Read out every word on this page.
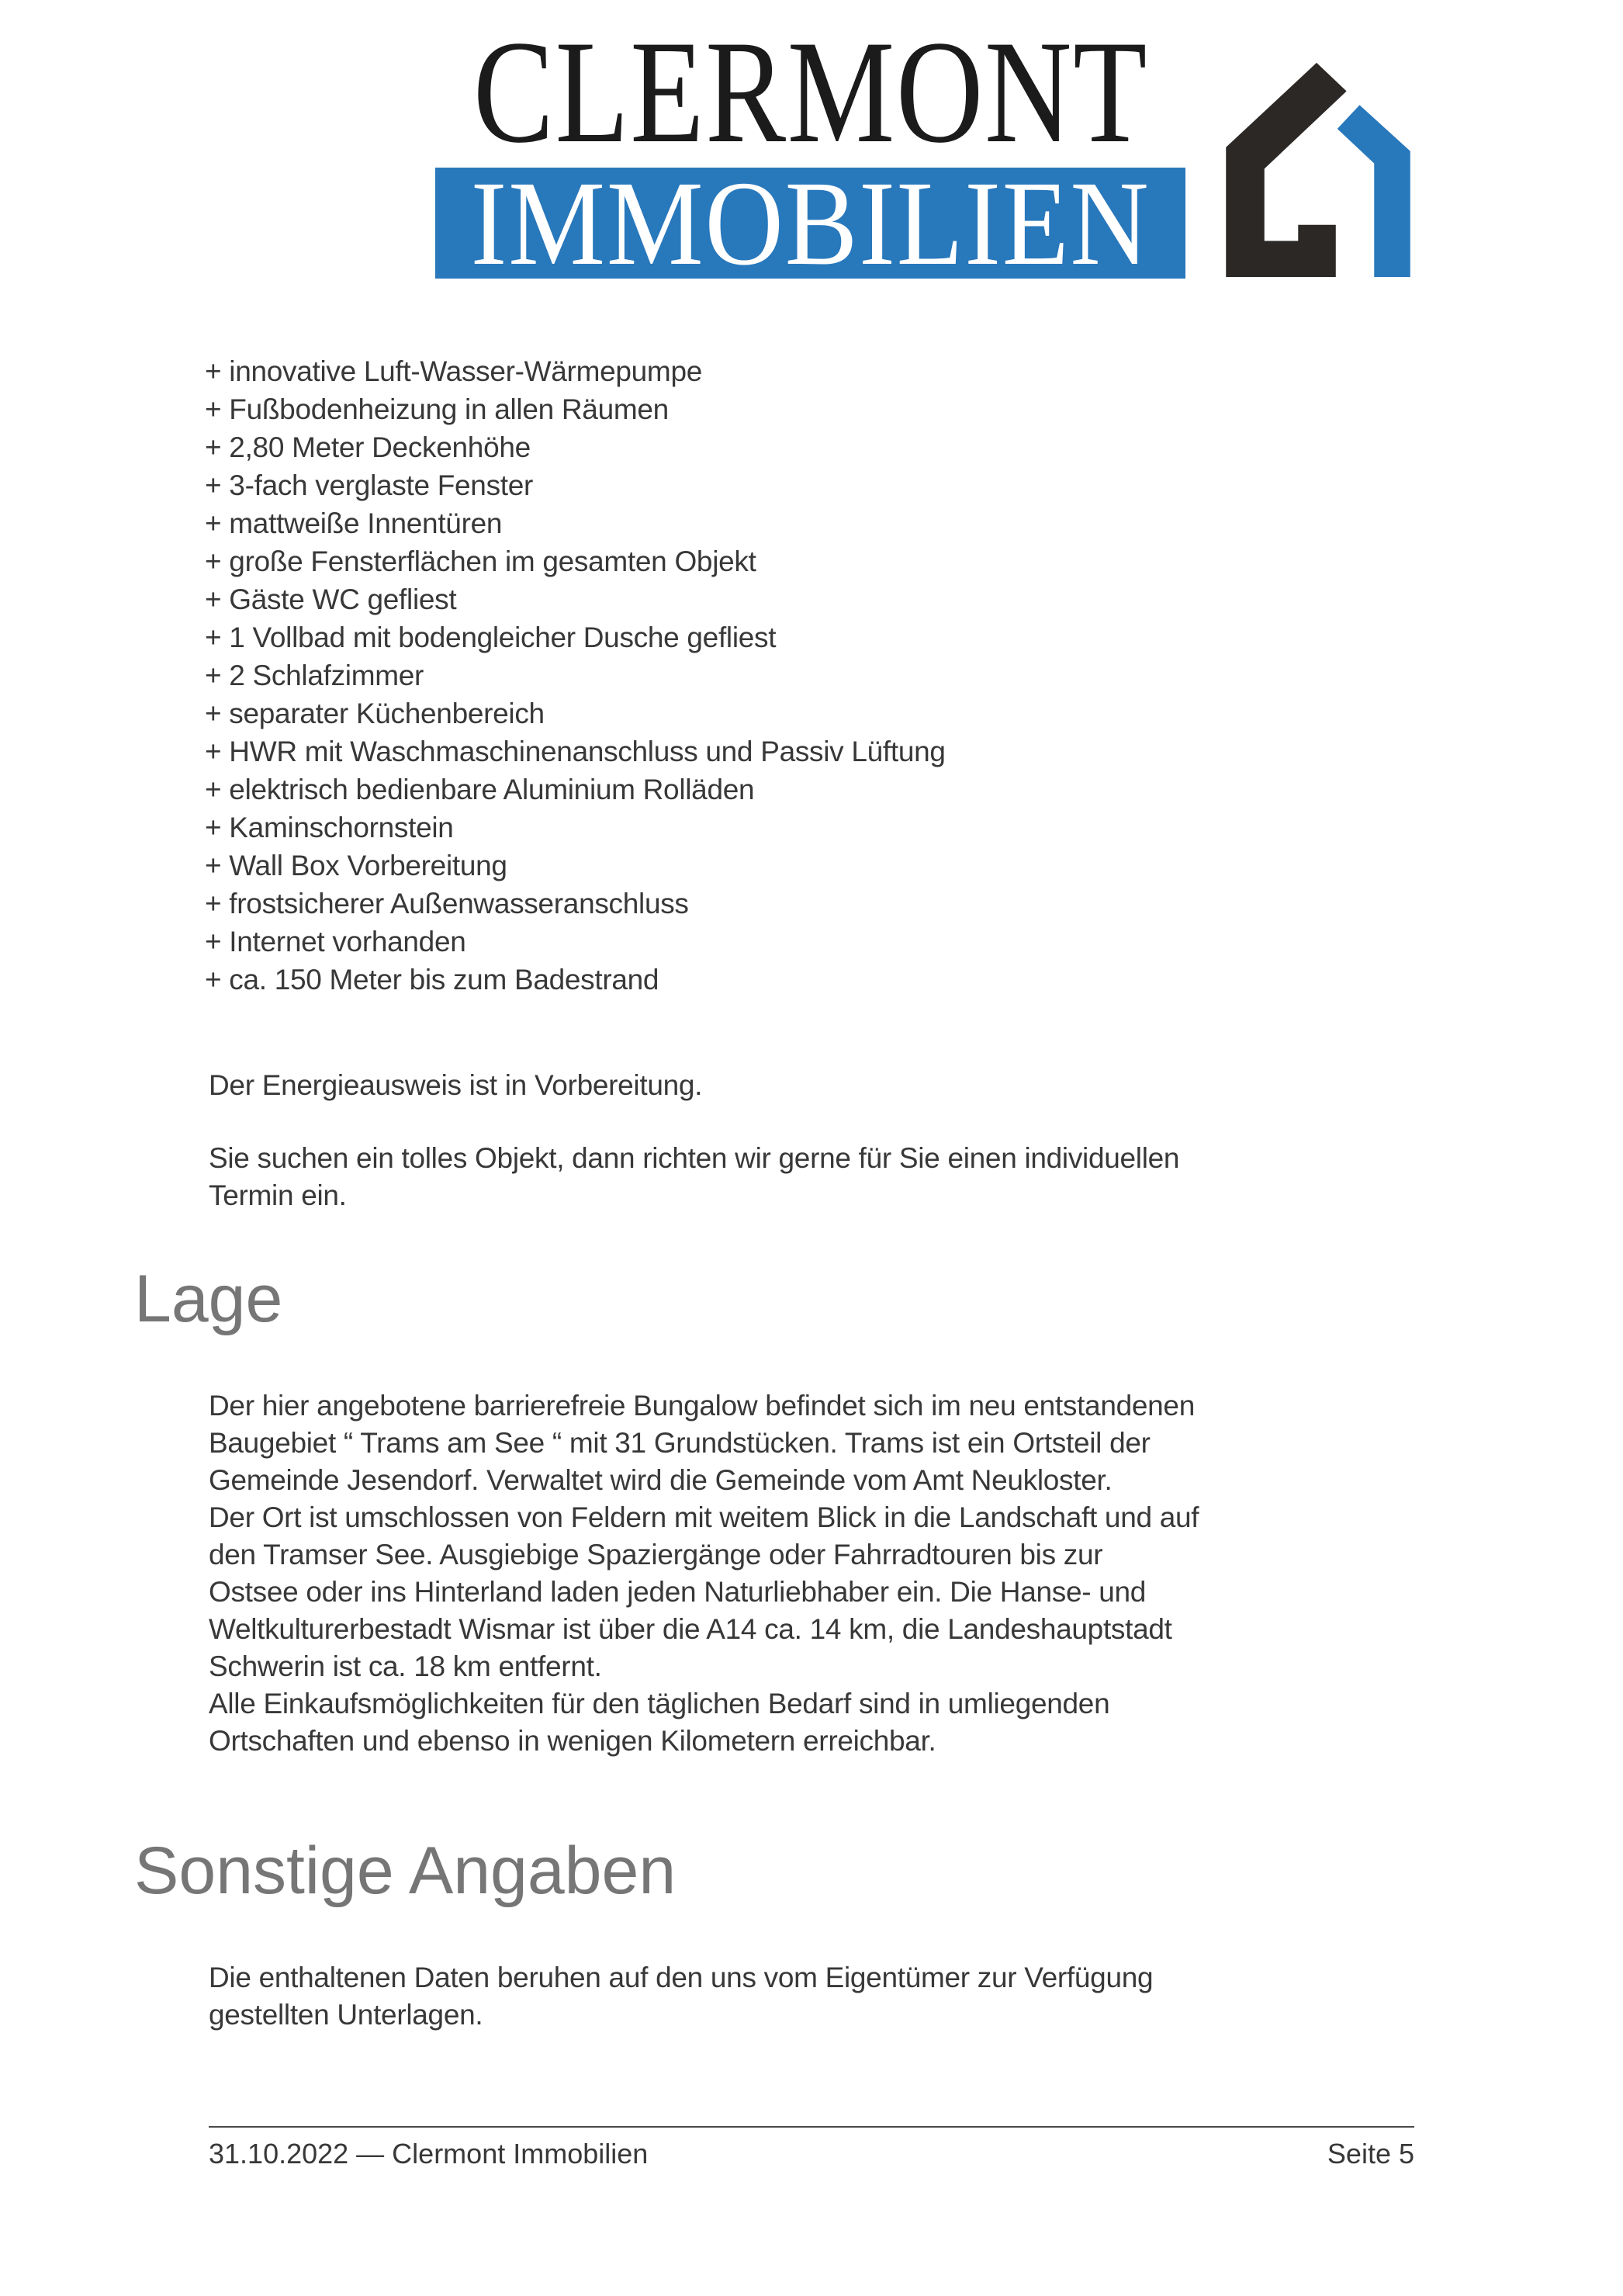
CLERMONT
IMMOBILIEN
+ innovative Luft-Wasser-Wärmepumpe
+ Fußbodenheizung in allen Räumen
+ 2,80 Meter Deckenhöhe
+ 3-fach verglaste Fenster
+ mattweiße Innentüren
+ große Fensterflächen im gesamten Objekt
+ Gäste WC gefliest
+ 1 Vollbad mit bodengleicher Dusche gefliest
+ 2 Schlafzimmer
+ separater Küchenbereich
+ HWR mit Waschmaschinenanschluss und Passiv Lüftung
+ elektrisch bedienbare Aluminium Rolläden
+ Kaminschornstein
+ Wall Box Vorbereitung
+ frostsicherer Außenwasseranschluss
+ Internet vorhanden
+ ca. 150 Meter bis zum Badestrand
Der Energieausweis ist in Vorbereitung.
Sie suchen ein tolles Objekt, dann richten wir gerne für Sie einen individuellen
Termin ein.
Lage
Der hier angebotene barrierefreie Bungalow befindet sich im neu entstandenen
Baugebiet “ Trams am See “ mit 31 Grundstücken. Trams ist ein Ortsteil der
Gemeinde Jesendorf. Verwaltet wird die Gemeinde vom Amt Neukloster.
Der Ort ist umschlossen von Feldern mit weitem Blick in die Landschaft und auf
den Tramser See. Ausgiebige Spaziergänge oder Fahrradtouren bis zur
Ostsee oder ins Hinterland laden jeden Naturliebhaber ein. Die Hanse- und
Weltkulturerbestadt Wismar ist über die A14 ca. 14 km, die Landeshauptstadt
Schwerin ist ca. 18 km entfernt.
Alle Einkaufsmöglichkeiten für den täglichen Bedarf sind in umliegenden
Ortschaften und ebenso in wenigen Kilometern erreichbar.
Sonstige Angaben
Die enthaltenen Daten beruhen auf den uns vom Eigentümer zur Verfügung
gestellten Unterlagen.
31.10.2022 — Clermont Immobilien	Seite 5
